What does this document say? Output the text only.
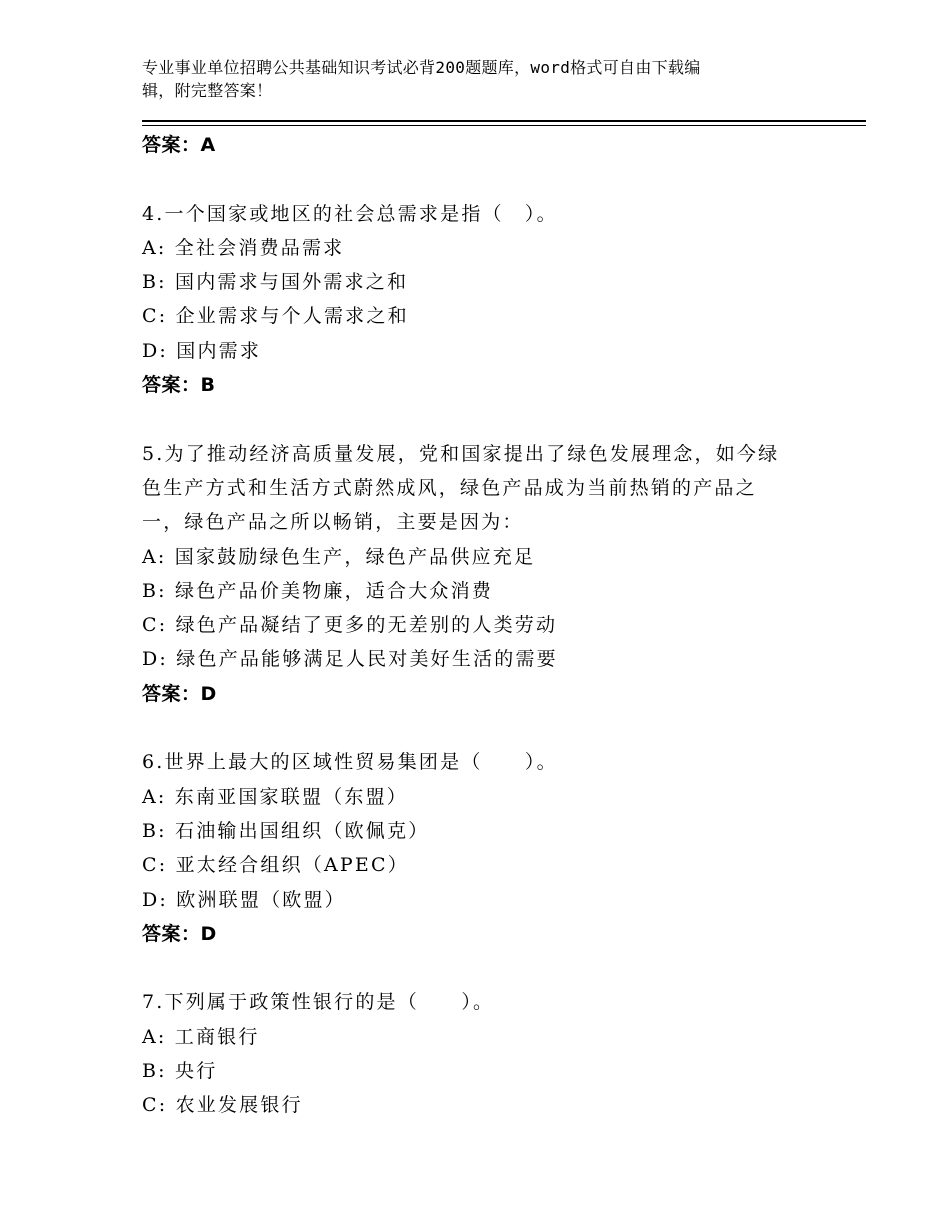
专业事业单位招聘公共基础知识考试必背200题题库，word格式可自由下载编
辑，附完整答案！
答案：A
4.一个国家或地区的社会总需求是指（　）。
A: 全社会消费品需求
B: 国内需求与国外需求之和
C: 企业需求与个人需求之和
D: 国内需求
答案：B
5.为了推动经济高质量发展，党和国家提出了绿色发展理念，如今绿
色生产方式和生活方式蔚然成风，绿色产品成为当前热销的产品之
一，绿色产品之所以畅销，主要是因为：
A: 国家鼓励绿色生产，绿色产品供应充足
B: 绿色产品价美物廉，适合大众消费
C: 绿色产品凝结了更多的无差别的人类劳动
D: 绿色产品能够满足人民对美好生活的需要
答案：D
6.世界上最大的区域性贸易集团是（　　）。
A: 东南亚国家联盟（东盟）
B: 石油输出国组织（欧佩克）
C: 亚太经合组织（APEC）
D: 欧洲联盟（欧盟）
答案：D
7.下列属于政策性银行的是（　　）。
A: 工商银行
B: 央行
C: 农业发展银行
